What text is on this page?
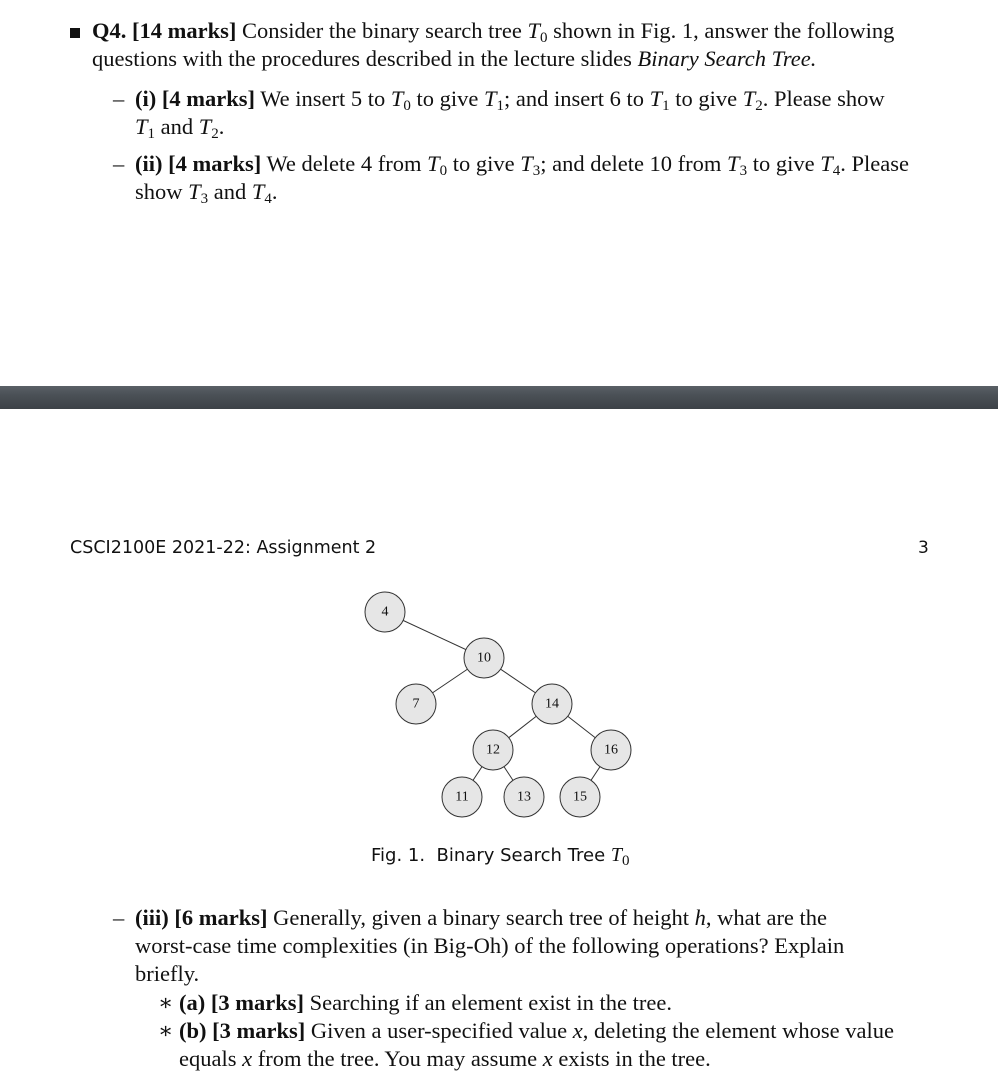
Q4. [14 marks] Consider the binary search tree $T_0$ shown in Fig. 1, answer the following
questions with the procedures described in the lecture slides Binary Search Tree.
– (i) [4 marks] We insert 5 to $T_0$ to give $T_1$; and insert 6 to $T_1$ to give $T_2$. Please show
$T_1$ and $T_2$.
– (ii) [4 marks] We delete 4 from $T_0$ to give $T_3$; and delete 10 from $T_3$ to give $T_4$. Please
show $T_3$ and $T_4$.
CSCI2100E 2021-22: Assignment 2	3
4
10
7	14
12	16
11	13	15
Fig. 1.  Binary Search Tree $T_0$
– (iii) [6 marks] Generally, given a binary search tree of height h, what are the
worst-case time complexities (in Big-Oh) of the following operations? Explain
briefly.
∗ (a) [3 marks] Searching if an element exist in the tree.
∗ (b) [3 marks] Given a user-specified value x, deleting the element whose value
equals x from the tree. You may assume x exists in the tree.
